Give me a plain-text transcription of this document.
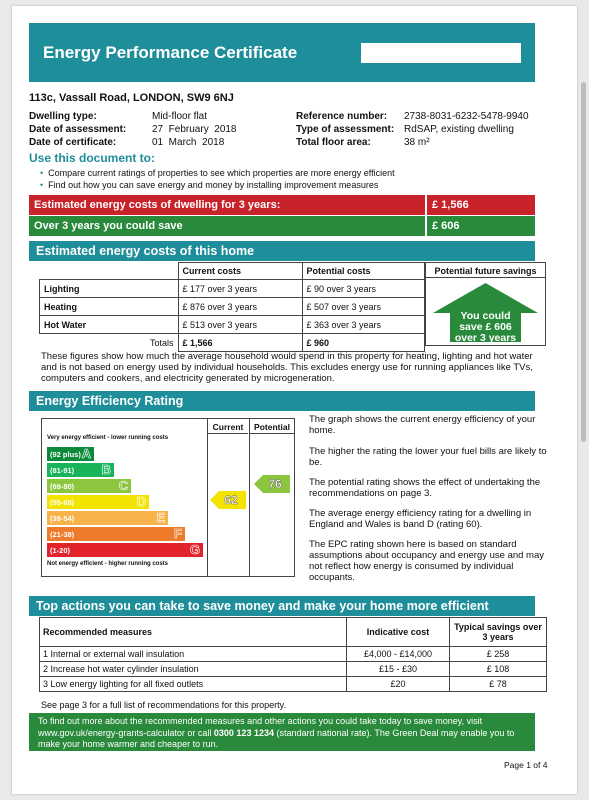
Energy Performance Certificate
113c, Vassall Road, LONDON, SW9 6NJ
Dwelling type:	Mid-floor flat
Date of assessment:	27  February  2018
Date of certificate:	01  March  2018
Reference number: 2738-8031-6232-5478-9940
Type of assessment: RdSAP, existing dwelling
Total floor area:	38 m²
Use this document to:
• Compare current ratings of properties to see which properties are more energy efficient
• Find out how you can save energy and money by installing improvement measures
Estimated energy costs of dwelling for 3 years:	£ 1,566
Over 3 years you could save	£ 606
Estimated energy costs of this home
	Current costs	Potential costs
Lighting	£ 177 over 3 years	£ 90 over 3 years
Heating	£ 876 over 3 years	£ 507 over 3 years
Hot Water	£ 513 over 3 years	£ 363 over 3 years
Totals	£ 1,566	£ 960
Potential future savings
You could
save £ 606
over 3 years
These figures show how much the average household would spend in this property for heating, lighting and hot water and is not based on energy used by individual households. This excludes energy use for running appliances like TVs, computers and cookers, and electricity generated by microgeneration.
Energy Efficiency Rating
Current	Potential
Very energy efficient - lower running costs
(92 plus) A
(81-91) B
(69-80)	C
(55-68)	D
(39-54)	E
(21-38)	F
(1-20)	G
Not energy efficient - higher running costs
62
76
The graph shows the current energy efficiency of your home.
The higher the rating the lower your fuel bills are likely to be.
The potential rating shows the effect of undertaking the recommendations on page 3.
The average energy efficiency rating for a dwelling in England and Wales is band D (rating 60).
The EPC rating shown here is based on standard assumptions about occupancy and energy use and may not reflect how energy is consumed by individual occupants.
Top actions you can take to save money and make your home more efficient
Recommended measures	Indicative cost	Typical savings over 3 years
1 Internal or external wall insulation	£4,000 - £14,000	£ 258
2 Increase hot water cylinder insulation	£15 - £30	£ 108
3 Low energy lighting for all fixed outlets	£20	£ 78
See page 3 for a full list of recommendations for this property.
To find out more about the recommended measures and other actions you could take today to save money, visit www.gov.uk/energy-grants-calculator or call 0300 123 1234 (standard national rate). The Green Deal may enable you to make your home warmer and cheaper to run.
Page 1 of 4
